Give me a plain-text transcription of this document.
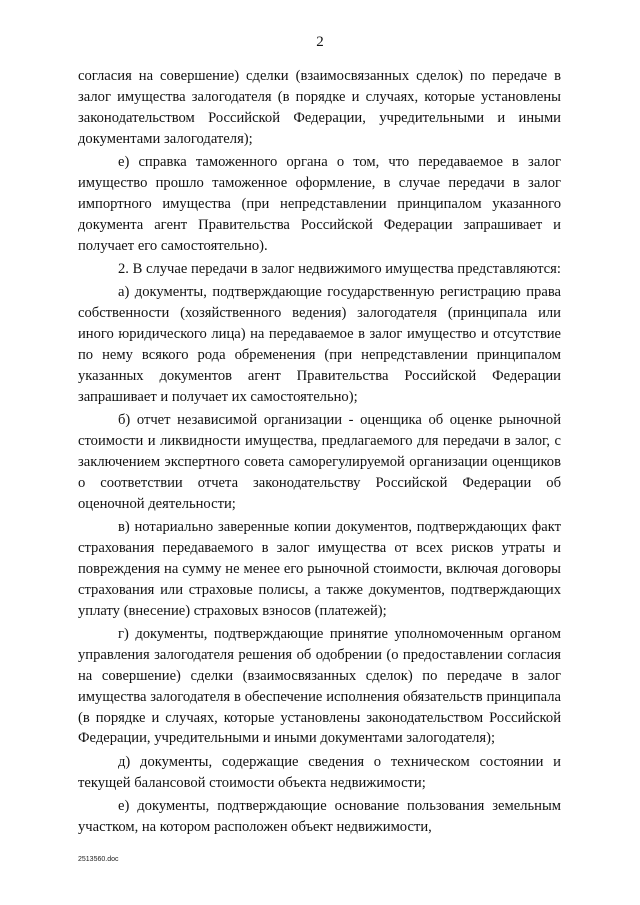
2

согласия на совершение) сделки (взаимосвязанных сделок) по передаче в залог имущества залогодателя (в порядке и случаях, которые установлены законодательством Российской Федерации, учредительными и иными документами залогодателя);

е) справка таможенного органа о том, что передаваемое в залог имущество прошло таможенное оформление, в случае передачи в залог импортного имущества (при непредставлении принципалом указанного документа агент Правительства Российской Федерации запрашивает и получает его самостоятельно).

2. В случае передачи в залог недвижимого имущества представляются:

а) документы, подтверждающие государственную регистрацию права собственности (хозяйственного ведения) залогодателя (принципала или иного юридического лица) на передаваемое в залог имущество и отсутствие по нему всякого рода обременения (при непредставлении принципалом указанных документов агент Правительства Российской Федерации запрашивает и получает их самостоятельно);

б) отчет независимой организации - оценщика об оценке рыночной стоимости и ликвидности имущества, предлагаемого для передачи в залог, с заключением экспертного совета саморегулируемой организации оценщиков о соответствии отчета законодательству Российской Федерации об оценочной деятельности;

в) нотариально заверенные копии документов, подтверждающих факт страхования передаваемого в залог имущества от всех рисков утраты и повреждения на сумму не менее его рыночной стоимости, включая договоры страхования или страховые полисы, а также документов, подтверждающих уплату (внесение) страховых взносов (платежей);

г) документы, подтверждающие принятие уполномоченным органом управления залогодателя решения об одобрении (о предоставлении согласия на совершение) сделки (взаимосвязанных сделок) по передаче в залог имущества залогодателя в обеспечение исполнения обязательств принципала (в порядке и случаях, которые установлены законодательством Российской Федерации, учредительными и иными документами залогодателя);

д) документы, содержащие сведения о техническом состоянии и текущей балансовой стоимости объекта недвижимости;

е) документы, подтверждающие основание пользования земельным участком, на котором расположен объект недвижимости,

2513560.doc
